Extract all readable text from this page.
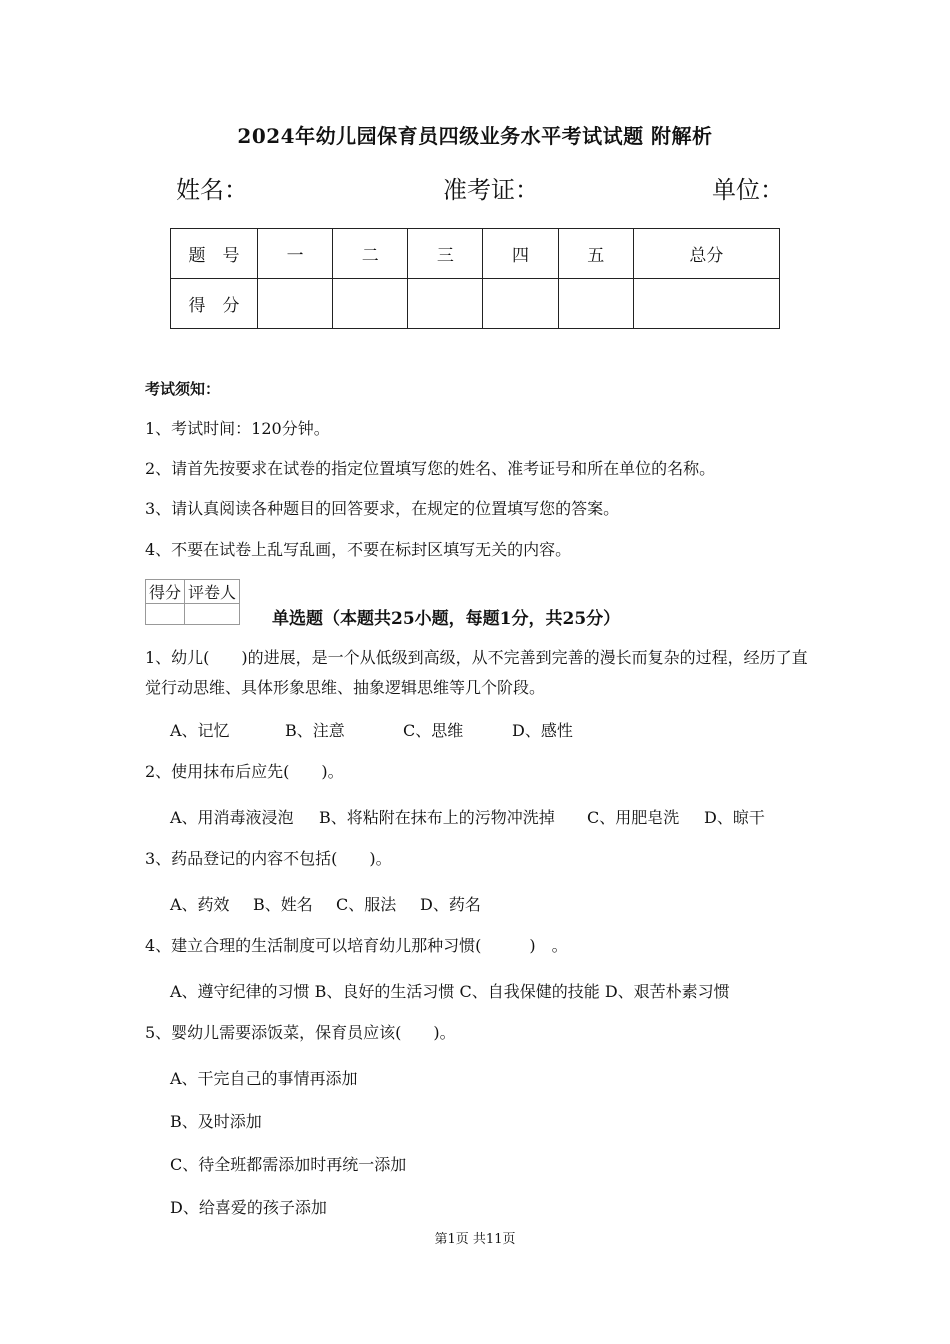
2024年幼儿园保育员四级业务水平考试试题 附解析
姓名：	准考证：	单位：
题　号	一	二	三	四	五	总分
得　分						
考试须知：
1、考试时间：120分钟。
2、请首先按要求在试卷的指定位置填写您的姓名、准考证号和所在单位的名称。
3、请认真阅读各种题目的回答要求，在规定的位置填写您的答案。
4、不要在试卷上乱写乱画，不要在标封区填写无关的内容。
得分	评卷人

单选题（本题共25小题，每题1分，共25分）
1、幼儿(　　)的进展，是一个从低级到高级，从不完善到完善的漫长而复杂的过程，经历了直觉行动思维、具体形象思维、抽象逻辑思维等几个阶段。
A、记忆	B、注意	C、思维	D、感性
2、使用抹布后应先(　　)。
A、用消毒液浸泡 B、将粘附在抹布上的污物冲洗掉 C、用肥皂洗 D、晾干
3、药品登记的内容不包括(　　)。
A、药效 B、姓名 C、服法 D、药名
4、建立合理的生活制度可以培育幼儿那种习惯(　　　)　。
A、遵守纪律的习惯 B、良好的生活习惯 C、自我保健的技能 D、艰苦朴素习惯
5、婴幼儿需要添饭菜，保育员应该(　　)。
A、干完自己的事情再添加
B、及时添加
C、待全班都需添加时再统一添加
D、给喜爱的孩子添加
第1页 共11页
